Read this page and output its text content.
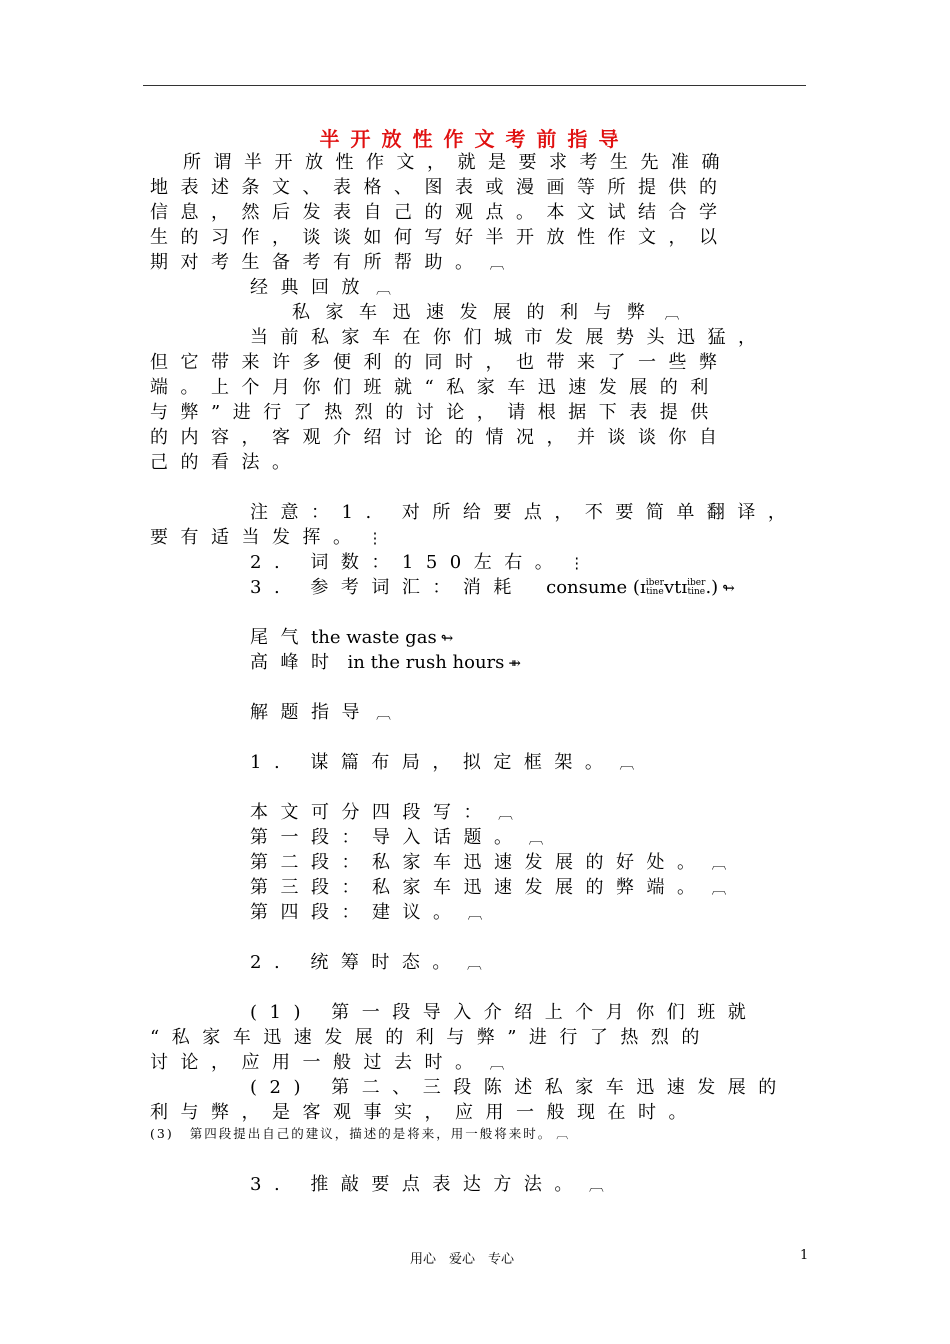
半开放性作文考前指导
所谓半开放性作文，就是要求考生先准确
地表述条文、表格、图表或漫画等所提供的
信息，然后发表自己的观点。本文试结合学
生的习作，谈谈如何写好半开放性作文，以
期对考生备考有所帮助。 ︹
经典回放 ︹
私家车迅速发展的利与弊 ︹
当前私家车在你们城市发展势头迅猛，
但它带来许多便利的同时，也带来了一些弊
端。上个月你们班就“私家车迅速发展的利
与弊”进行了热烈的讨论，请根据下表提供
的内容，客观介绍讨论的情况，并谈谈你自
己的看法。
注意：1. 对所给要点，不要简单翻译，
要有适当发挥。 ⋮
2. 词数：150左右。 ⋮
3. 参考词汇：消耗 consume (ɪ iber
tine vtɪ iber
tine .) ↬
尾气the waste gas ↬
高峰时 in the rush hours ⇻
解题指导 ︹
1. 谋篇布局，拟定框架。 ︹
本文可分四段写： ︹
第一段：导入话题。 ︹
第二段：私家车迅速发展的好处。 ︹
第三段：私家车迅速发展的弊端。 ︹
第四段：建议。 ︹
2. 统筹时态。 ︹
(1) 第一段导入介绍上个月你们班就
“私家车迅速发展的利与弊”进行了热烈的
讨论，应用一般过去时。 ︹
(2) 第二、三段陈述私家车迅速发展的
利与弊，是客观事实，应用一般现在时。
(3) 第四段提出自己的建议，描述的是将来，用一般将来时。 ︹
3. 推敲要点表达方法。 ︹
用心　爱心　专心	1
